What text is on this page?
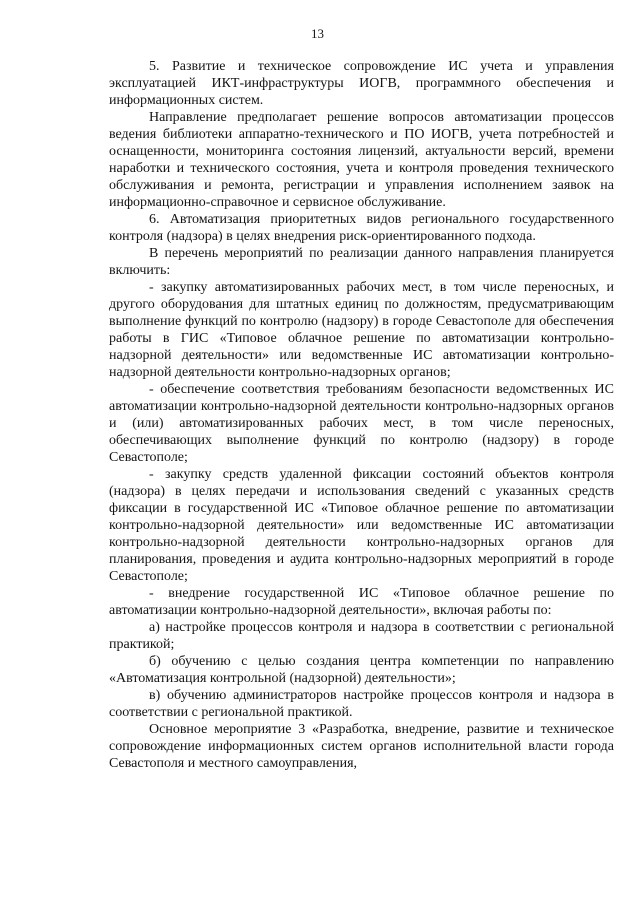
13

5. Развитие и техническое сопровождение ИС учета и управления эксплуатацией ИКТ-инфраструктуры ИОГВ, программного обеспечения и информационных систем.

Направление предполагает решение вопросов автоматизации процессов ведения библиотеки аппаратно-технического и ПО ИОГВ, учета потребностей и оснащенности, мониторинга состояния лицензий, актуальности версий, времени наработки и технического состояния, учета и контроля проведения технического обслуживания и ремонта, регистрации и управления исполнением заявок на информационно-справочное и сервисное обслуживание.

6. Автоматизация приоритетных видов регионального государственного контроля (надзора) в целях внедрения риск-ориентированного подхода.

В перечень мероприятий по реализации данного направления планируется включить:

- закупку автоматизированных рабочих мест, в том числе переносных, и другого оборудования для штатных единиц по должностям, предусматривающим выполнение функций по контролю (надзору) в городе Севастополе для обеспечения работы в ГИС «Типовое облачное решение по автоматизации контрольно-надзорной деятельности» или ведомственные ИС автоматизации контрольно-надзорной деятельности контрольно-надзорных органов;

- обеспечение соответствия требованиям безопасности ведомственных ИС автоматизации контрольно-надзорной деятельности контрольно-надзорных органов и (или) автоматизированных рабочих мест, в том числе переносных, обеспечивающих выполнение функций по контролю (надзору) в городе Севастополе;

- закупку средств удаленной фиксации состояний объектов контроля (надзора) в целях передачи и использования сведений с указанных средств фиксации в государственной ИС «Типовое облачное решение по автоматизации контрольно-надзорной деятельности» или ведомственные ИС автоматизации контрольно-надзорной деятельности контрольно-надзорных органов для планирования, проведения и аудита контрольно-надзорных мероприятий в городе Севастополе;

- внедрение государственной ИС «Типовое облачное решение по автоматизации контрольно-надзорной деятельности», включая работы по:

а) настройке процессов контроля и надзора в соответствии с региональной практикой;

б) обучению с целью создания центра компетенции по направлению «Автоматизация контрольной (надзорной) деятельности»;

в) обучению администраторов настройке процессов контроля и надзора в соответствии с региональной практикой.

Основное мероприятие 3 «Разработка, внедрение, развитие и техническое сопровождение информационных систем органов исполнительной власти города Севастополя и местного самоуправления,
